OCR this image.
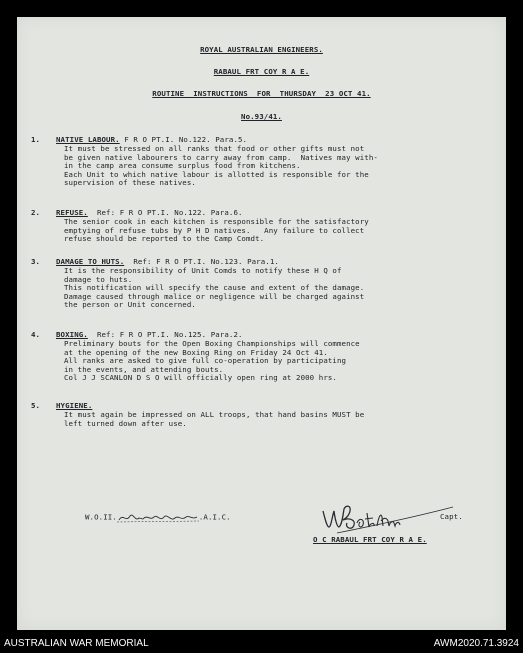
ROYAL AUSTRALIAN ENGINEERS.
RABAUL FRT COY R A E.
ROUTINE  INSTRUCTIONS  FOR  THURSDAY  23 OCT 41.
No.93/41.
1. NATIVE LABOUR. F R O PT.I. No.122. Para.5.
It must be stressed on all ranks that food or other gifts must not
be given native labourers to carry away from camp.  Natives may with-
in the camp area consume surplus food from kitchens.
Each Unit to which native labour is allotted is responsible for the
supervision of these natives.
2. REFUSE.  Ref: F R O PT.I. No.122. Para.6.
The senior cook in each kitchen is responsible for the satisfactory
emptying of refuse tubs by P H D natives.   Any failure to collect
refuse should be reported to the Camp Comdt.
3. DAMAGE TO HUTS.  Ref: F R O PT.I. No.123. Para.1.
It is the responsibility of Unit Comds to notify these H Q of
damage to huts.
This notification will specify the cause and extent of the damage.
Damage caused through malice or negligence will be charged against
the person or Unit concerned.
4. BOXING.  Ref: F R O PT.I. No.125. Para.2.
Preliminary bouts for the Open Boxing Championships will commence
at the opening of the new Boxing Ring on Friday 24 Oct 41.
All ranks are asked to give full co-operation by participating
in the events, and attending bouts.
Col J J SCANLON D S O will officially open ring at 2000 hrs.
5. HYGIENE.
It must again be impressed on ALL troops, that hand basins MUST be
left turned down after use.
W.O.II.	.A.I.C.	Capt.
O C RABAUL FRT COY R A E.
AUSTRALIAN WAR MEMORIAL	AWM2020.71.3924
